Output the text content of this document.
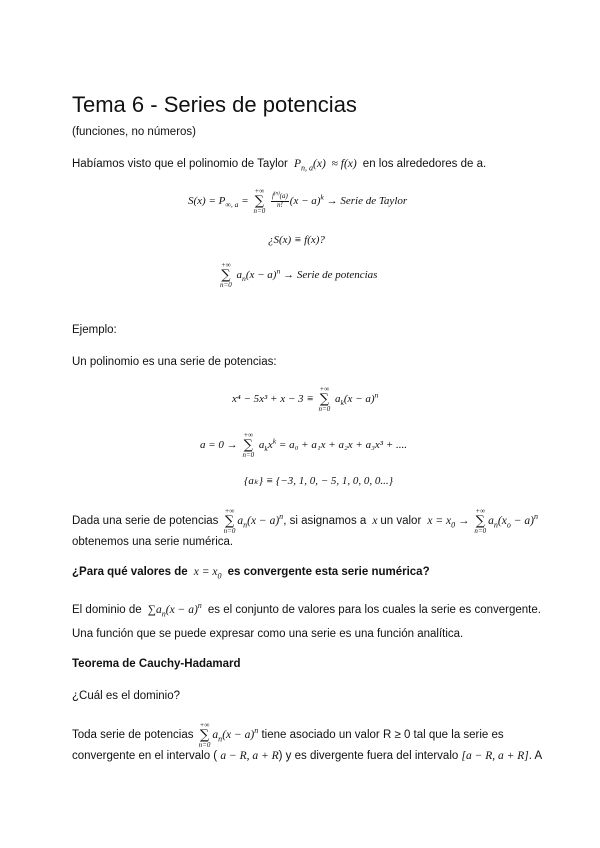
Tema 6 - Series de potencias
(funciones, no números)
Habíamos visto que el polinomio de Taylor  $P_{n, a}(x) \approx f(x)$  en los alrededores de a.
$S(x) = P_{\infty, a}$ =
+∞
∑
n=0

$\frac{f^{(n)}(a)}{n!} (x - a)^k$ → Serie de Taylor
¿S(x) ≡ f(x)?
+∞
∑
n=0
$a_n(x - a)^n$ → Serie de potencias
Ejemplo:
Un polinomio es una serie de potencias:
x⁴ − 5x³ + x − 3 ≡
+∞
∑
n=0
$a_k(x - a)^n$
a = 0 →
+∞
∑
n=0
$a_kx^k = a_0 + a_1x + a_2x + a_3x^3$ + ....
{aₖ} ≡ {−3, 1, 0, − 5, 1, 0, 0, 0...}
Dada una serie de potencias
+∞
∑
n=0
$a_n(x - a)^n$, si asignamos a  x un valor  $x = x_0$ →
+∞
∑
n=0
$a_n(x_o - a)^n$
obtenemos una serie numérica.
¿Para qué valores de  $x = x_0$ es convergente esta serie numérica?
El dominio de  $\sum a_n(x - a)^n$ es el conjunto de valores para los cuales la serie es convergente.
Una función que se puede expresar como una serie es una función analítica.
Teorema de Cauchy-Hadamard
¿Cuál es el dominio?
Toda serie de potencias
+∞
∑
n=0
$a_n(x - a)^n$ tiene asociado un valor R ≥ 0 tal que la serie es
convergente en el intervalo ( a − R, a + R) y es divergente fuera del intervalo [a − R, a + R]. A
